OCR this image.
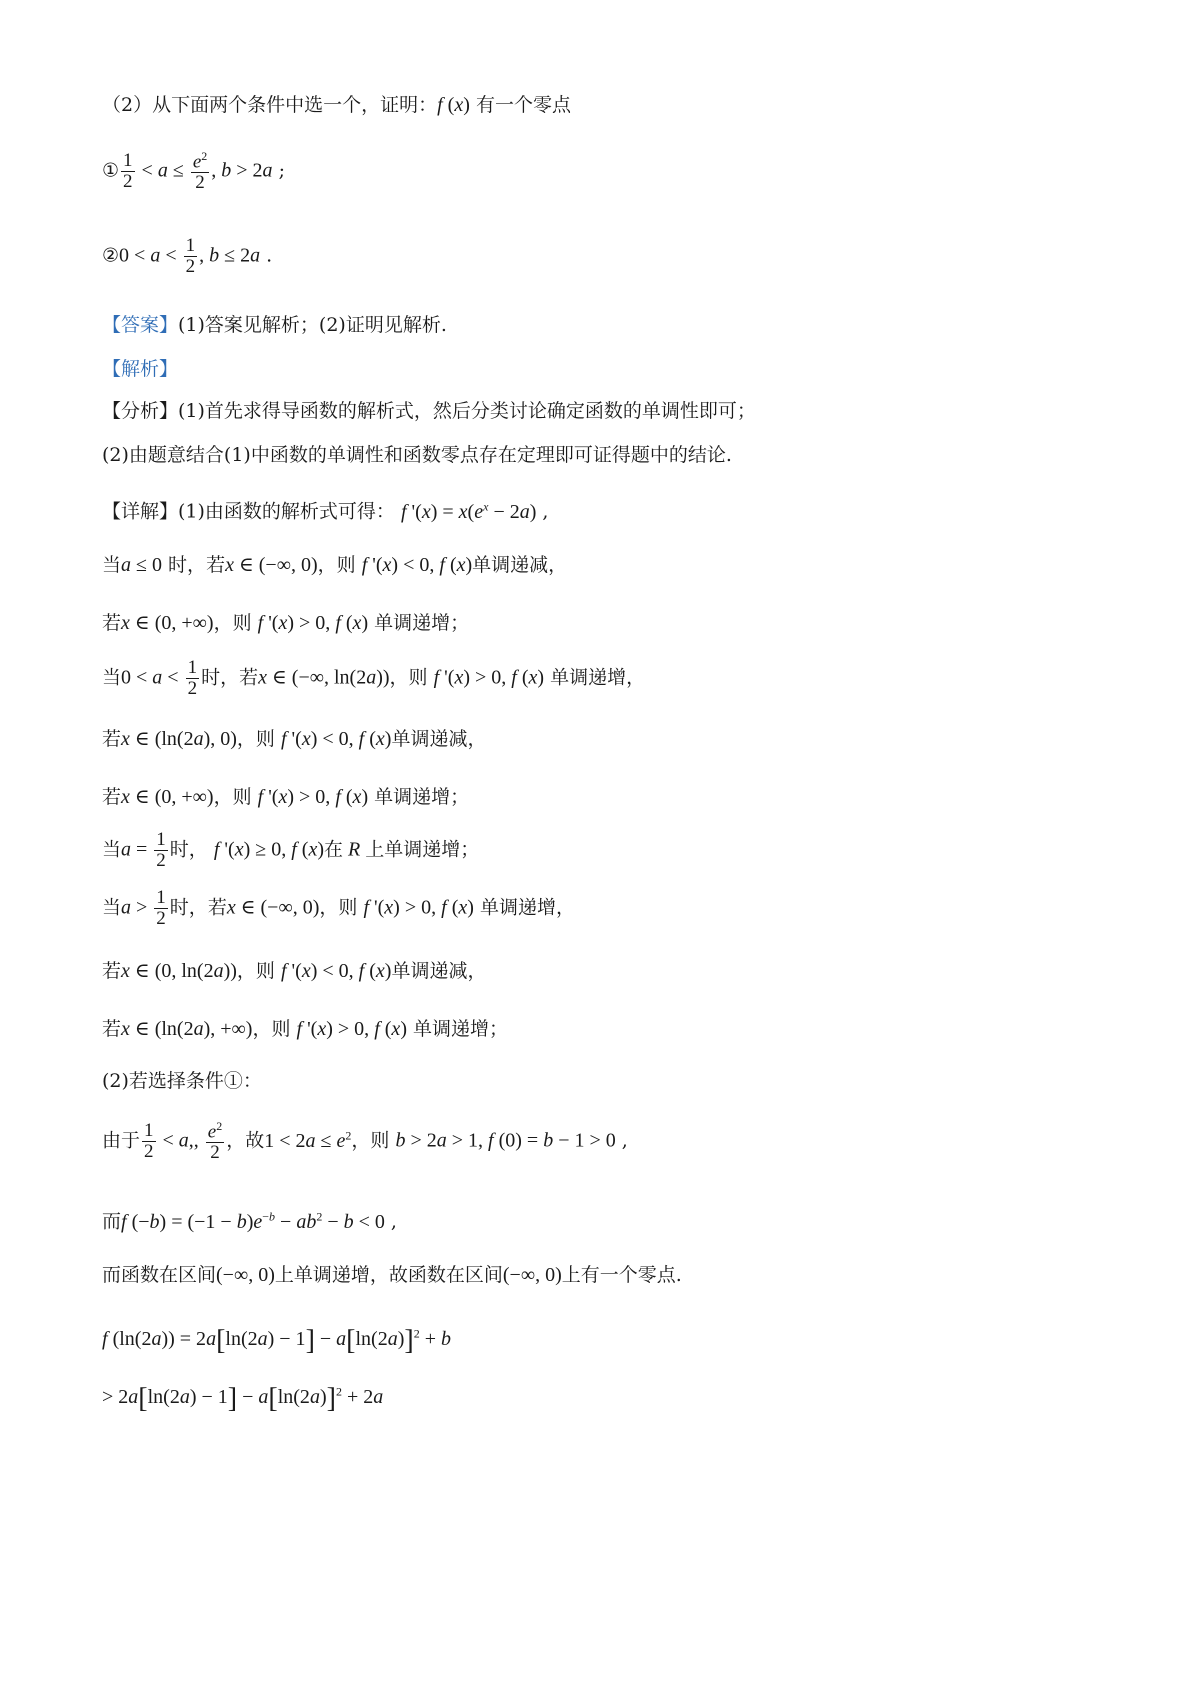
（2）从下面两个条件中选一个，证明：f (x) 有一个零点
① $\frac{1}{2} < a \le \frac{e^2}{2}$ , b > 2a ;
②0 < $a < \frac{1}{2}$ , b ≤ 2a .
【答案】(1)答案见解析；(2)证明见解析.
【解析】
【分析】(1)首先求得导函数的解析式，然后分类讨论确定函数的单调性即可；
(2)由题意结合(1)中函数的单调性和函数零点存在定理即可证得题中的结论.
【详解】(1)由函数的解析式可得： f '$(x) = x(e^x - 2a)$ ,
当a ≤ 0 时，若x ∈ (−∞, 0)，则 f '(x) < 0, f (x)单调递减，
若x ∈ (0, +∞)，则 f '(x) > 0, f (x) 单调递增；
当$0 < a < \frac{1}{2}$ 时，若x ∈ (−∞, ln(2a))，则 f '(x) > 0, f (x) 单调递增，
若x ∈ (ln(2a), 0)，则 f '(x) < 0, f (x)单调递减，
若x ∈ (0, +∞)，则 f '(x) > 0, f (x) 单调递增；
当$a = \frac{1}{2}$ 时， f '(x) ≥ 0, f (x)在 R 上单调递增；
当$a > \frac{1}{2}$ 时，若x ∈ (−∞, 0)，则 f '(x) > 0, f (x) 单调递增，
若x ∈ (0, ln(2a))，则 f '(x) < 0, f (x)单调递减，
若x ∈ (ln(2a), +∞)，则 f '(x) > 0, f (x) 单调递增；
(2)若选择条件①：
由于 $\frac{1}{2} < a$,, $\frac{e^2}{2}$ ，故$1 < 2a \le e^2$，则 b > 2a > 1, f (0) = b − 1 > 0 ,
而f $(-b) = (-1 - b)e^{-b} - ab^2 - b < 0$ ,
而函数在区间(−∞, 0)上单调递增，故函数在区间(−∞, 0)上有一个零点.
f $(\ln(2a)) = 2a[\ln(2a) - 1] - a[\ln(2a)]^2 + b$
> $2a[\ln(2a) - 1] - a[\ln(2a)]^2 + 2a$
